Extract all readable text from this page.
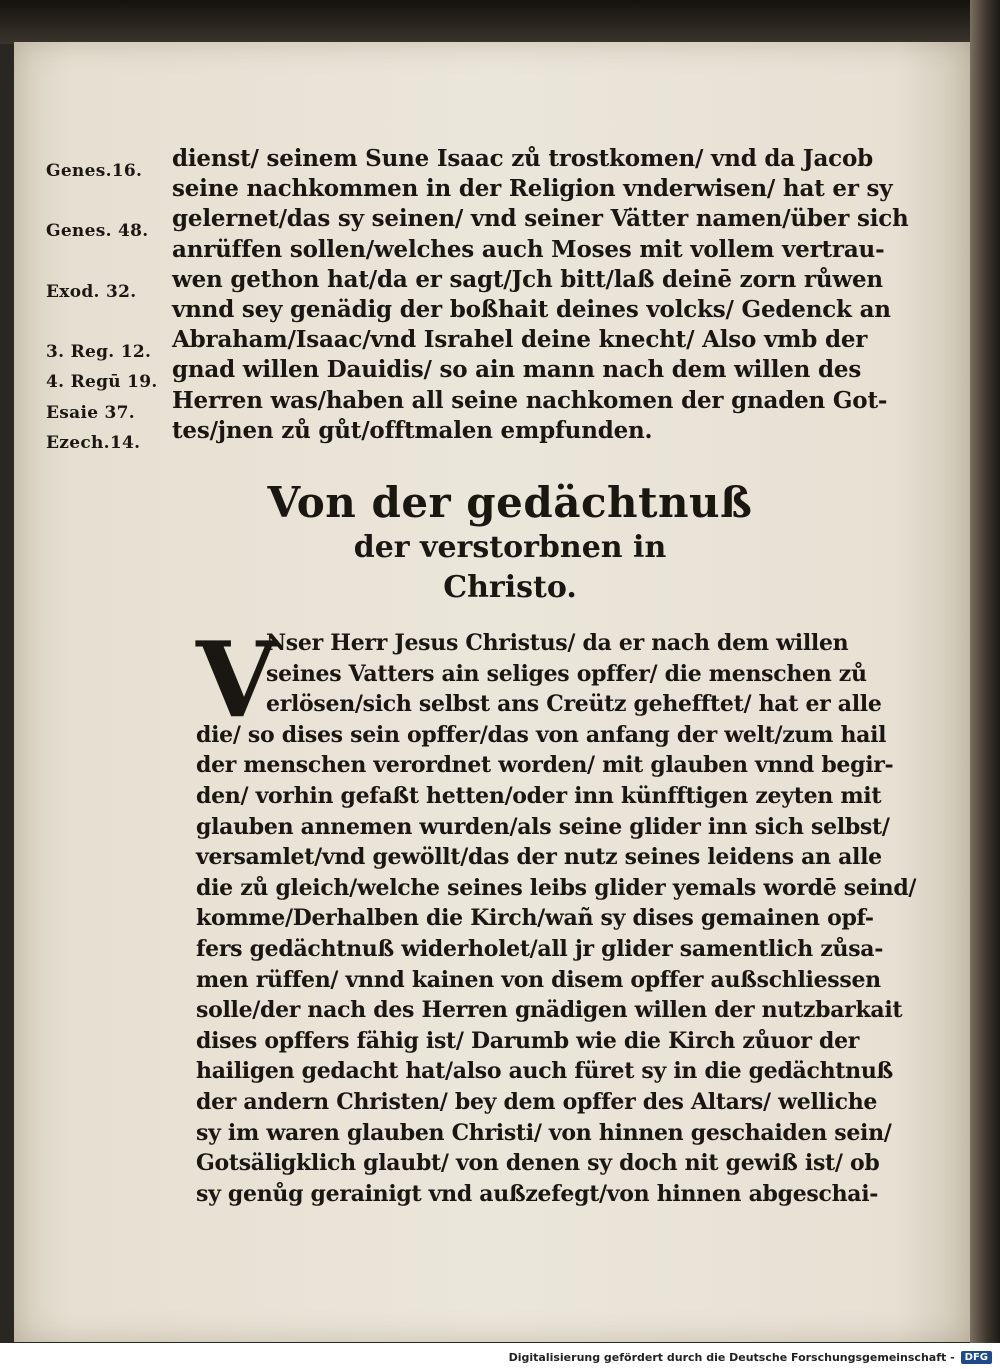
Genes.16.

Genes. 48.

Exod. 32.

3. Reg. 12.
4. Regū 19.
Esaie 37.
Ezech.14.
dienst/ seinem Sune Isaac zů trostkomen/ vnd da Jacob
seine nachkommen in der Religion vnderwisen/ hat er sy
gelernet/das sy seinen/ vnd seiner Vätter namen/über sich
anrüffen sollen/welches auch Moses mit vollem vertrau-
wen gethon hat/da er sagt/Jch bitt/laß deinē zorn růwen
vnnd sey genädig der boßhait deines volcks/ Gedenck an
Abraham/Isaac/vnd Israhel deine knecht/ Also vmb der
gnad willen Dauidis/ so ain mann nach dem willen des
Herren was/haben all seine nachkomen der gnaden Got-
tes/jnen zů gůt/offtmalen empfunden.
Von der gedächtnuß
der verstorbnen in
Christo.
V
Nser Herr Jesus Christus/ da er nach dem willen
seines Vatters ain seliges opffer/ die menschen zů
erlösen/sich selbst ans Creütz gehefftet/ hat er alle
die/ so dises sein opffer/das von anfang der welt/zum hail
der menschen verordnet worden/ mit glauben vnnd begir-
den/ vorhin gefaßt hetten/oder inn künfftigen zeyten mit
glauben annemen wurden/als seine glider inn sich selbst/
versamlet/vnd gewöllt/das der nutz seines leidens an alle
die zů gleich/welche seines leibs glider yemals wordē seind/
komme/Derhalben die Kirch/wañ sy dises gemainen opf-
fers gedächtnuß widerholet/all jr glider samentlich zůsa-
men rüffen/ vnnd kainen von disem opffer außschliessen
solle/der nach des Herren gnädigen willen der nutzbarkait
dises opffers fähig ist/ Darumb wie die Kirch zůuor der
hailigen gedacht hat/also auch füret sy in die gedächtnuß
der andern Christen/ bey dem opffer des Altars/ welliche
sy im waren glauben Christi/ von hinnen geschaiden sein/
Gotsäligklich glaubt/ von denen sy doch nit gewiß ist/ ob
sy genůg gerainigt vnd außzefegt/von hinnen abgeschai-
Digitalisierung gefördert durch die Deutsche Forschungsgemeinschaft -	DFG
